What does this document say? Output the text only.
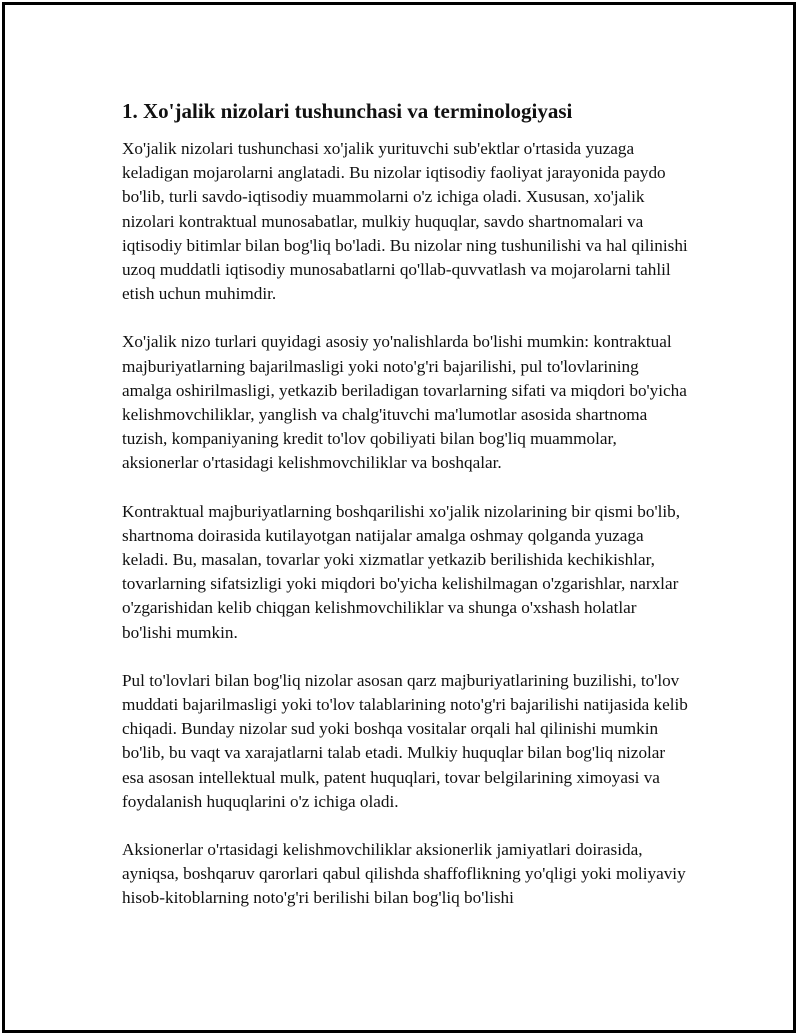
1. Xo'jalik nizolari tushunchasi va terminologiyasi

Xo'jalik nizolari tushunchasi xo'jalik yurituvchi sub'ektlar o'rtasida yuzaga keladigan mojarolarni anglatadi. Bu nizolar iqtisodiy faoliyat jarayonida paydo bo'lib, turli savdo-iqtisodiy muammolarni o'z ichiga oladi. Xususan, xo'jalik nizolari kontraktual munosabatlar, mulkiy huquqlar, savdo shartnomalari va iqtisodiy bitimlar bilan bog'liq bo'ladi. Bu nizolar ning tushunilishi va hal qilinishi uzoq muddatli iqtisodiy munosabatlarni qo'llab-quvvatlash va mojarolarni tahlil etish uchun muhimdir.

Xo'jalik nizo turlari quyidagi asosiy yo'nalishlarda bo'lishi mumkin: kontraktual majburiyatlarning bajarilmasligi yoki noto'g'ri bajarilishi, pul to'lovlarining amalga oshirilmasligi, yetkazib beriladigan tovarlarning sifati va miqdori bo'yicha kelishmovchiliklar, yanglish va chalg'ituvchi ma'lumotlar asosida shartnoma tuzish, kompaniyaning kredit to'lov qobiliyati bilan bog'liq muammolar, aksionerlar o'rtasidagi kelishmovchiliklar va boshqalar.

Kontraktual majburiyatlarning boshqarilishi xo'jalik nizolarining bir qismi bo'lib, shartnoma doirasida kutilayotgan natijalar amalga oshmay qolganda yuzaga keladi. Bu, masalan, tovarlar yoki xizmatlar yetkazib berilishida kechikishlar, tovarlarning sifatsizligi yoki miqdori bo'yicha kelishilmagan o'zgarishlar, narxlar o'zgarishidan kelib chiqgan kelishmovchiliklar va shunga o'xshash holatlar bo'lishi mumkin.

Pul to'lovlari bilan bog'liq nizolar asosan qarz majburiyatlarining buzilishi, to'lov muddati bajarilmasligi yoki to'lov talablarining noto'g'ri bajarilishi natijasida kelib chiqadi. Bunday nizolar sud yoki boshqa vositalar orqali hal qilinishi mumkin bo'lib, bu vaqt va xarajatlarni talab etadi. Mulkiy huquqlar bilan bog'liq nizolar esa asosan intellektual mulk, patent huquqlari, tovar belgilarining ximoyasi va foydalanish huquqlarini o'z ichiga oladi.

Aksionerlar o'rtasidagi kelishmovchiliklar aksionerlik jamiyatlari doirasida, ayniqsa, boshqaruv qarorlari qabul qilishda shaffoflikning yo'qligi yoki moliyaviy hisob-kitoblarning noto'g'ri berilishi bilan bog'liq bo'lishi
